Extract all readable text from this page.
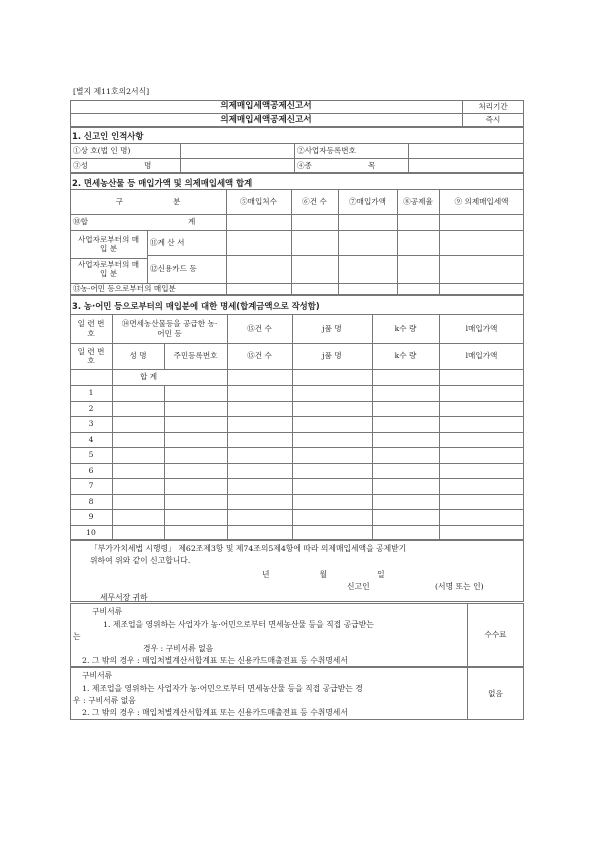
[별지 제11호의2서식]
의제매입세액공제신고서
의제매입세액공제신고서
처리기간
즉시
1. 신고인 인적사항
①상 호(법 인 명)	②사업자등록번호
③성	명	④종	목
2. 면세농산물 등 매입가액 및 의제매입세액 합계
구	분	⑤매입처수	⑥건 수	⑦매입가액	⑧공제율	⑨ 의제매입세액
⑩합	계
사업자로부터의 매 입 분
⑪계 산 서
사업자로부터의 매 입 분
⑫신용카드 등
⑬농·어민 등으로부터의 매입분
3. 농·어민 등으로부터의 매입분에 대한 명세(합계금액으로 작성함)
일 련 번 호
⑭면세농산물등을 공급한 농·어민 등
⑮건 수	j품 명	k수 량	l매입가액
일 련 번 호
성 명	주민등록번호	⑮건 수	j품 명	k수 량	l매입가액
합 계
1
2
3
4
5
6
7
8
9
10
「부가가치세법 시행령」 제62조제3항 및 제74조의5제4항에 따라 의제매입세액을 공제받기
위하여 위와 같이 신고합니다.
년	월	일
신고인	(서명 또는 인)
세무서장 귀하
구비서류
1. 제조업을 영위하는 사업자가 농·어민으로부터 면세농산물 등을 직접 공급받는
는
경우 : 구비서류 없음
2. 그 밖의 경우 : 매입처별계산서합계표 또는 신용카드매출전표 등 수취명세서
수수료
구비서류
1. 제조업을 영위하는 사업자가 농·어민으로부터 면세농산물 등을 직접 공급받는 경
우 : 구비서류 없음
2. 그 밖의 경우 : 매입처별계산서합계표 또는 신용카드매출전표 등 수취명세서
없음
